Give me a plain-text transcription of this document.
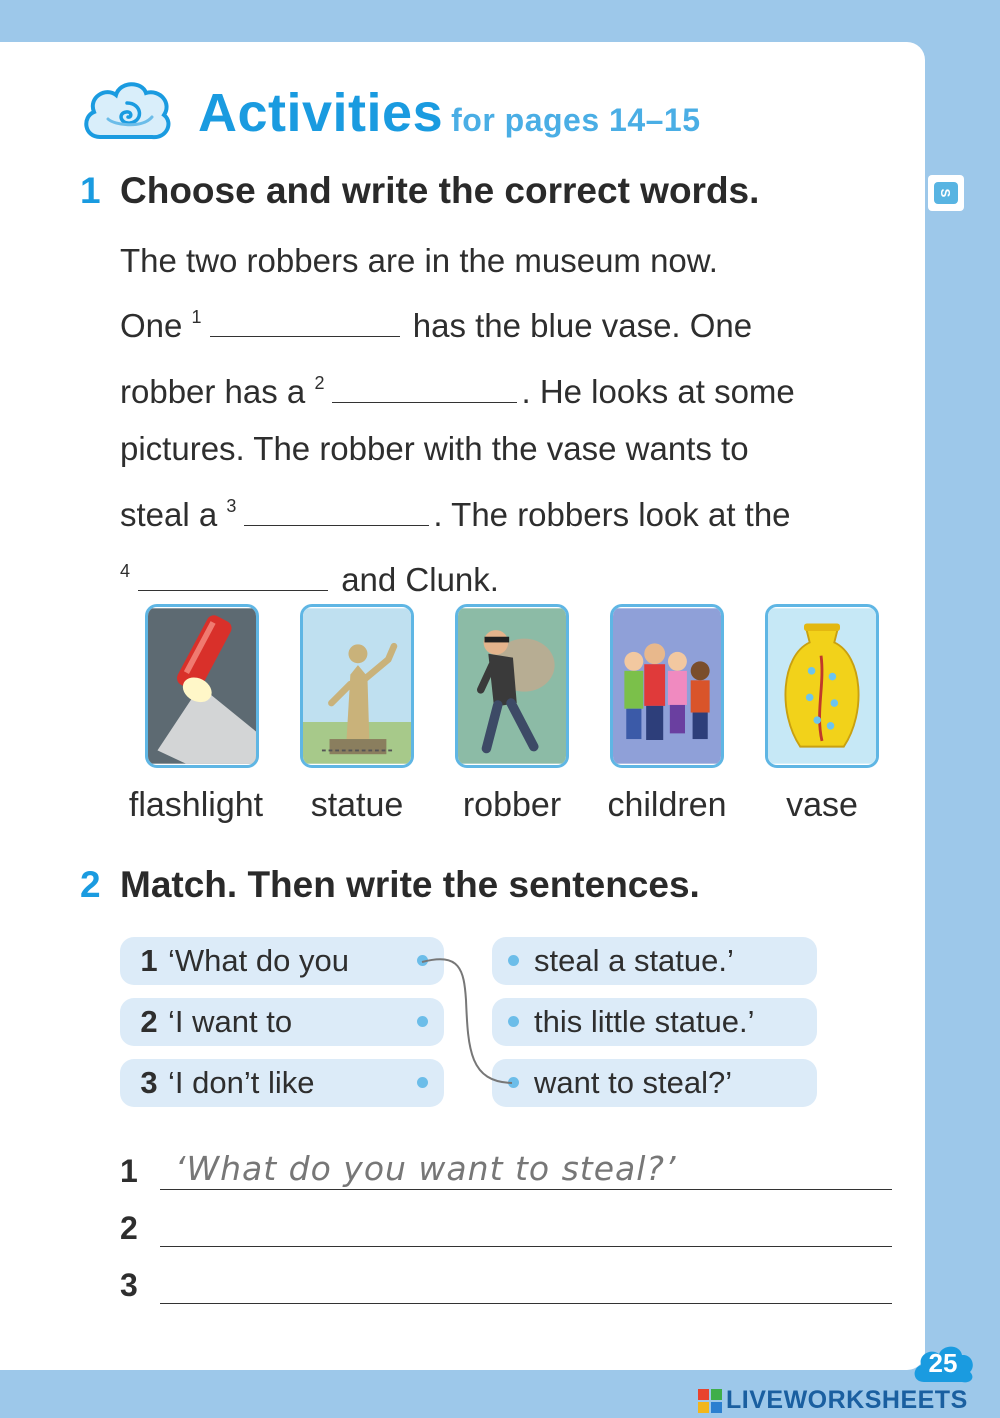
S
Activities for pages 14–15
1 Choose and write the correct words.
The two robbers are in the museum now.
One $^1$	has the blue vase. One
robber has a $^2$	. He looks at some
pictures. The robber with the vase wants to
steal a $^3$	. The robbers look at the
$^4$	and Clunk.
flashlight	statue	robber	children	vase
2 Match. Then write the sentences.
1 ‘What do you
2 ‘I want to
3 ‘I don’t like
steal a statue.’
this little statue.’
want to steal?’
1 ‘What do you want to steal?’
2
3
25
LIVEWORKSHEETS
